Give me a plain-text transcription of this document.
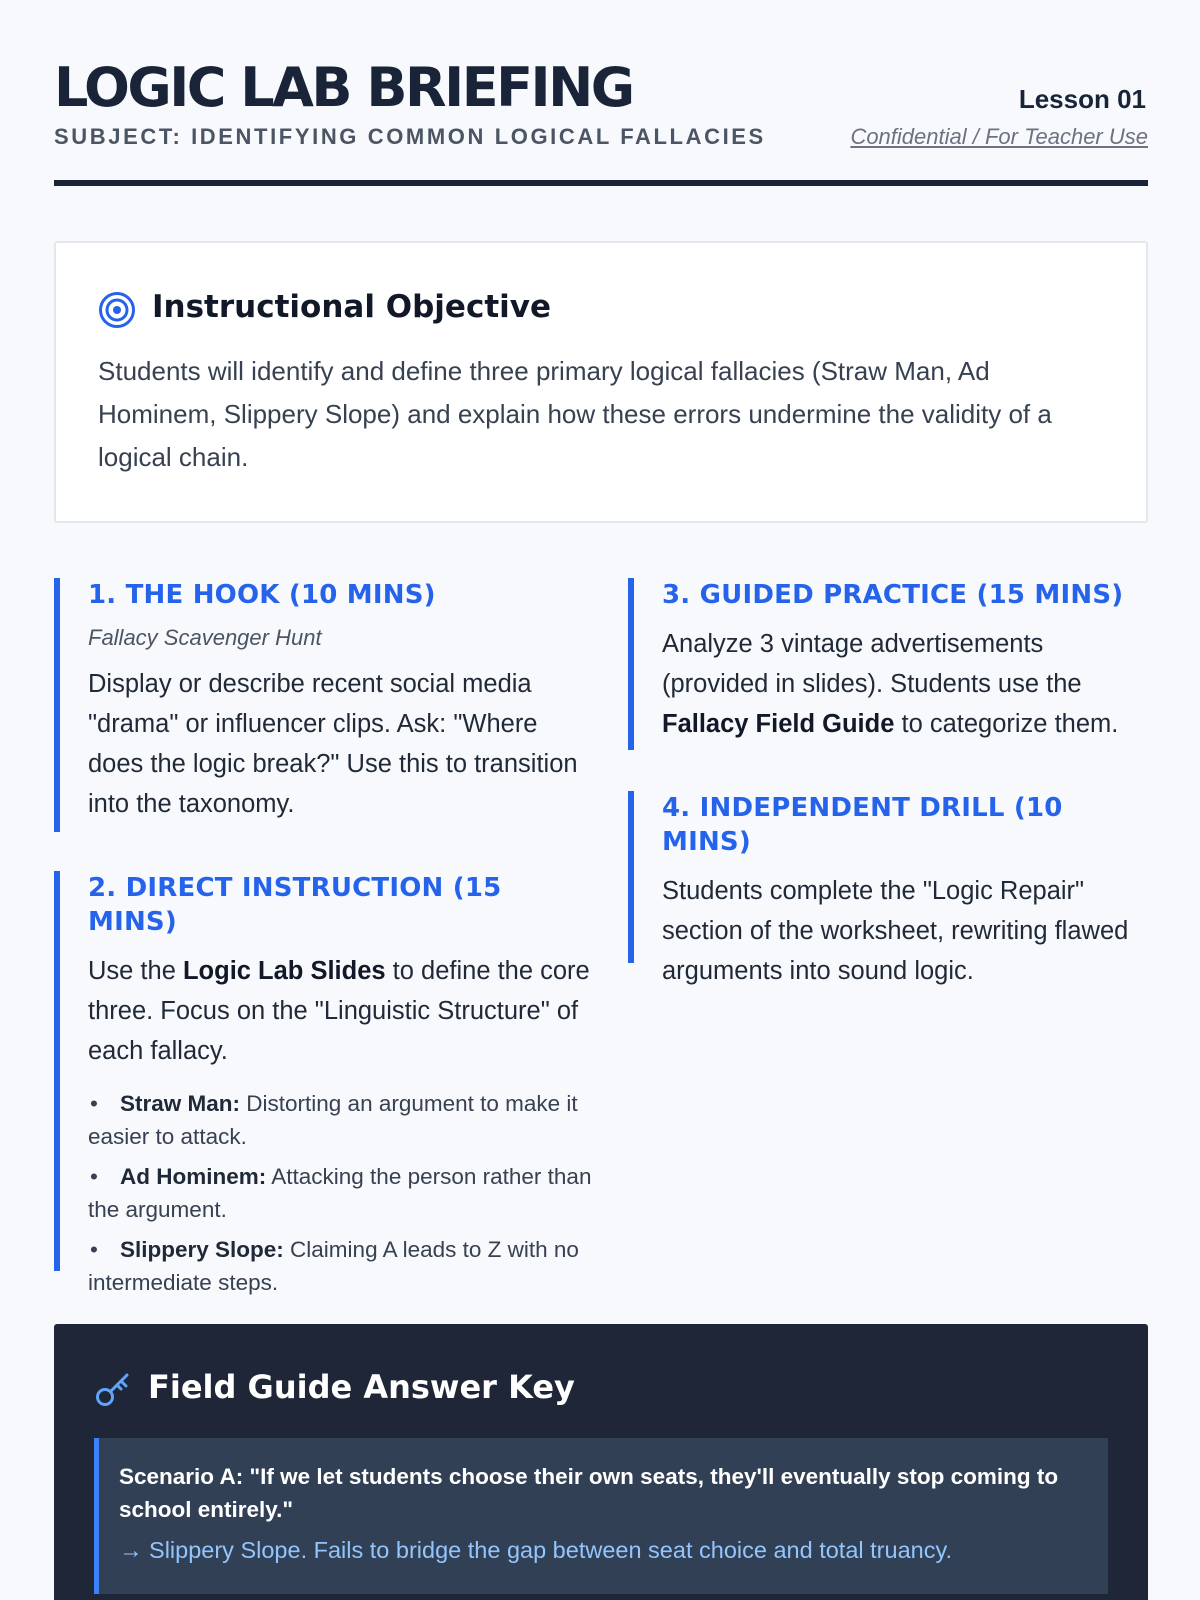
LOGIC LAB BRIEFING
SUBJECT: IDENTIFYING COMMON LOGICAL FALLACIES
Lesson 01
Confidential / For Teacher Use
Instructional Objective
Students will identify and define three primary logical fallacies (Straw Man, Ad Hominem, Slippery Slope) and explain how these errors undermine the validity of a logical chain.
1. THE HOOK (10 MINS)
Fallacy Scavenger Hunt
Display or describe recent social media "drama" or influencer clips. Ask: "Where does the logic break?" Use this to transition into the taxonomy.
2. DIRECT INSTRUCTION (15 MINS)
Use the Logic Lab Slides to define the core three. Focus on the "Linguistic Structure" of each fallacy.
• Straw Man: Distorting an argument to make it easier to attack.
• Ad Hominem: Attacking the person rather than the argument.
• Slippery Slope: Claiming A leads to Z with no intermediate steps.
3. GUIDED PRACTICE (15 MINS)
Analyze 3 vintage advertisements (provided in slides). Students use the Fallacy Field Guide to categorize them.
4. INDEPENDENT DRILL (10 MINS)
Students complete the "Logic Repair" section of the worksheet, rewriting flawed arguments into sound logic.
Field Guide Answer Key
Scenario A: "If we let students choose their own seats, they'll eventually stop coming to school entirely."
→ Slippery Slope. Fails to bridge the gap between seat choice and total truancy.
